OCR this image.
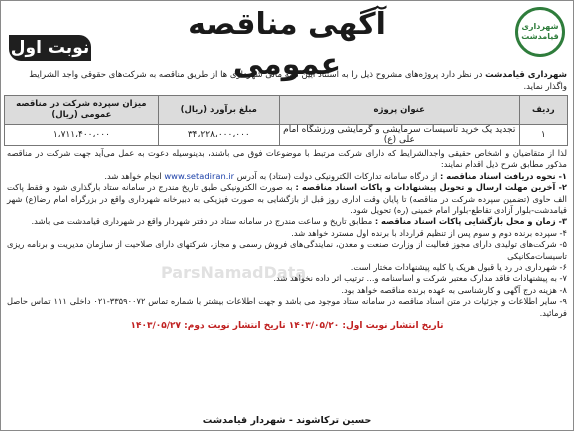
شهرداری قیامدشت
آگهی مناقصه عمومی
نوبت اول
شهرداری قیامدشت در نظر دارد پروژه‌های مشروح ذیل را به استناد آیین نامه مالی شهرداری ها از طریق مناقصه به شرکت‌های حقوقی واجد الشرایط واگذار نماید.
ردیف	عنوان پروژه	مبلغ برآورد (ریال)	میزان سپرده شرکت در مناقصه عمومی (ریال)
۱	تجدید یک خرید تاسیسات سرمایشی و گرمایشی ورزشگاه امام علی (ع)	۳۴،۲۲۸،۰۰۰،۰۰۰	۱،۷۱۱،۴۰۰،۰۰۰

لذا از متقاضیان و اشخاص حقیقی واجدالشرایط که دارای شرکت مرتبط با موضوعات فوق می باشند، بدینوسیله دعوت به عمل می‌آید جهت شرکت در مناقصه مذکور مطابق شرح ذیل اقدام نمایند:

۱- نحوه دریافت اسناد مناقصه : از درگاه سامانه تدارکات الکترونیکی دولت (ستاد) به آدرس www.setadiran.ir انجام خواهد شد.

۲- آخرین مهلت ارسال و تحویل پیشنهادات و پاکات اسناد مناقصه : به صورت الکترونیکی طبق تاریخ مندرج در سامانه ستاد بارگذاری شود و فقط پاکت الف حاوی (تضمین سپرده شرکت در مناقصه) تا پایان وقت اداری روز قبل از بازگشایی به صورت فیزیکی به دبیرخانه شهرداری واقع در بزرگراه امام رضا(ع) شهر قیامدشت-بلوار آزادی تقاطع-بلوار امام خمینی (ره) تحویل شود.

۳- زمان و محل بازگشایی پاکات اسناد مناقصه : مطابق تاریخ و ساعت مندرج در سامانه ستاد در دفتر شهردار واقع در شهرداری قیامدشت می باشد.

۴- سپرده برنده دوم و سوم پس از تنظیم قرارداد با برنده اول مسترد خواهد شد.

۵- شرکت‌های تولیدی دارای مجوز فعالیت از وزارت صنعت و معدن، نمایندگی‌های فروش رسمی و مجاز، شرکتهای دارای صلاحیت از سازمان مدیریت و برنامه ریزی تاسیسات‌مکانیکی

۶- شهرداری در رد یا قبول هریک یا کلیه پیشنهادات مختار است.

۷- به پیشنهادات فاقد مدارک معتبر شرکت و اساسنامه و... ترتیب اثر داده نخواهد شد.

۸- هزینه درج آگهی و کارشناسی به عهده برنده مناقصه خواهد بود.

۹- سایر اطلاعات و جزئیات در متن اسناد مناقصه در سامانه ستاد موجود می باشد و جهت اطلاعات بیشتر با شماره تماس ۳۳۵۹۰۰۷۲-۰۲۱ داخلی ۱۱۱ تماس حاصل فرمائید.

تاریخ انتشار نوبت اول: ۱۴۰۳/۰۵/۲۰ تاریخ انتشار نوبت دوم: ۱۴۰۳/۰۵/۲۷
ParsNamadData
حسین ترکاشوند - شهردار قیامدشت
